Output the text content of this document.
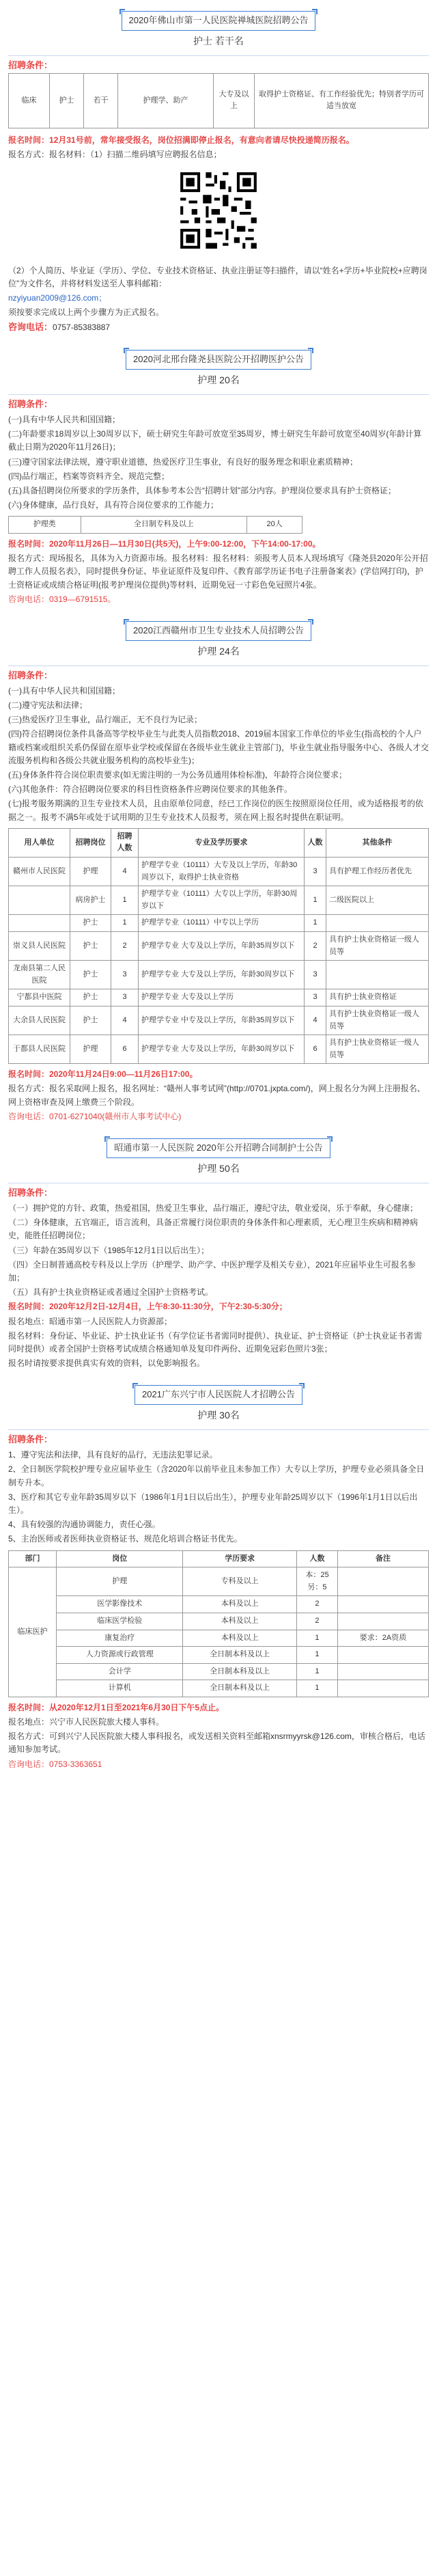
2020年佛山市第一人民医院禅城医院招聘公告
护士 若干名
招聘条件：
临床	护士	若干	护理学、助产	大专及以上	取得护士资格证、有工作经验优先；特别者学历可适当放宽
报名时间：12月31号前，常年接受报名，岗位招满即停止报名，有意向者请尽快投递简历报名。
报名方式：报名材料：（1）扫描二维码填写应聘报名信息；
（2）个人简历、毕业证（学历）、学位、专业技术资格证、执业注册证等扫描件，请以“姓名+学历+毕业院校+应聘岗位”为文件名，并将材料发送至人事科邮箱：
nzyiyuan2009@126.com；
须按要求完成以上两个步骤方为正式报名。
咨询电话：0757-85383887
2020河北邢台隆尧县医院公开招聘医护公告
护理 20名
招聘条件：
(一)具有中华人民共和国国籍；
(二)年龄要求18周岁以上30周岁以下，硕士研究生年龄可放宽至35周岁，博士研究生年龄可放宽至40周岁(年龄计算截止日期为2020年11月26日)；
(三)遵守国家法律法规，遵守职业道德，热爱医疗卫生事业，有良好的服务理念和职业素质精神；
(四)品行端正，档案等资料齐全、规范完整；
(五)具备招聘岗位所要求的学历条件，具体参考本公告“招聘计划”部分内容。护理岗位要求具有护士资格证；
(六)身体健康，品行良好，具有符合岗位要求的工作能力；
护理类	全日制专科及以上	20人
报名时间：2020年11月26日—11月30日(共5天)，上午9:00-12:00，下午14:00-17:00。
报名方式：现场报名，具体为入力资源市场。报名材料：报名材料：须报考人员本人现场填写《隆尧县2020年公开招聘工作人员报名表》，同时提供身份证、毕业证原件及复印件、《教育部学历证书电子注册备案表》(学信网打印)，护士资格证或成绩合格证明(报考护理岗位提供)等材料，近期免冠一寸彩色免冠照片4张。
咨询电话：0319—6791515。
2020江西赣州市卫生专业技术人员招聘公告
护理 24名
招聘条件：
(一)具有中华人民共和国国籍；
(二)遵守宪法和法律；
(三)热爱医疗卫生事业，品行端正，无不良行为记录；
(四)符合招聘岗位条件具备高等学校毕业生与此类人员指数2018、2019届本国家工作单位的毕业生(指高校的个人户籍或档案或组织关系仍保留在原毕业学校或保留在各级毕业生就业主管部门)，毕业生就业指导服务中心、各级人才交流服务机构和各级公共就业服务机构的高校毕业生)；
(五)身体条件符合岗位职责要求(如无需注明的一为公务员通用体检标准)，年龄符合岗位要求；
(六)其他条件：符合招聘岗位要求的科目性资格条件应聘岗位要求的其他条件。
(七)报考服务期满的卫生专业技术人员，且由原单位同意，经已工作岗位的医生按照原岗位任用，或为适格报考的依据之一。报考不满5年或处于试用期的卫生专业技术人员报考，须在网上报名时提供在职证明。
用人单位	招聘岗位	招聘人数	专业及学历要求	人数	其他条件
赣州市人民医院	护理	4	护理学专业（10111）大专及以上学历，年龄30周岁以下，取得护士执业资格	3	具有护理工作经历者优先
	病房护士	1	护理学专业（10111）大专以上学历，年龄30周岁以下	1	二级医院以上
	护士	1	护理学专业（10111）中专以上学历	1	
崇义县人民医院	护士	2	护理学专业 大专及以上学历，年龄35周岁以下	2	具有护士执业资格证一级人员等
龙南县第二人民医院	护士	3	护理学专业 大专及以上学历，年龄30周岁以下	3	
宁都县中医院	护士	3	护理学专业 大专及以上学历	3	具有护士执业资格证
大余县人民医院	护士	4	护理学专业 中专及以上学历，年龄35周岁以下	4	具有护士执业资格证一级人员等
于都县人民医院	护理	6	护理学专业 大专及以上学历，年龄30周岁以下	6	具有护士执业资格证一级人员等
报名时间：2020年11月24日9:00—11月26日17:00。
报名方式：报名采取网上报名，报名网址：“赣州人事考试网”(http://0701.jxpta.com/)，网上报名分为网上注册报名、网上资格审查及网上缴费三个阶段。
咨询电话：0701-6271040(赣州市人事考试中心)
昭通市第一人民医院 2020年公开招聘合同制护士公告
护理 50名
招聘条件：
（一）拥护党的方针、政策，热爱祖国，热爱卫生事业，品行端正，遵纪守法，敬业爱岗，乐于奉献，身心健康；
（二）身体健康，五官端正，语言流利，具备正常履行岗位职责的身体条件和心理素质，无心理卫生疾病和精神病史，能胜任招聘岗位；
（三）年龄在35周岁以下（1985年12月1日以后出生）；
（四）全日制普通高校专科及以上学历（护理学、助产学、中医护理学及相关专业），2021年应届毕业生可报名参加；
（五）具有护士执业资格证或者通过全国护士资格考试。
报名时间：2020年12月2日-12月4日，上午8:30-11:30分，下午2:30-5:30分；
报名地点：昭通市第一人民医院人力资源部；
报名材料：身份证、毕业证、护士执业证书（有学位证书者需同时提供）、执业证、护士资格证（护士执业证书者需同时提供）或者全国护士资格考试成绩合格通知单及复印件两份、近期免冠彩色照片3张；
报名时请按要求提供真实有效的资料，以免影响报名。
2021广东兴宁市人民医院人才招聘公告
护理 30名
招聘条件：
1、遵守宪法和法律，具有良好的品行，无违法犯罪记录。
2、全日制医学院校护理专业应届毕业生（含2020年以前毕业且未参加工作）大专以上学历，护理专业必须具备全日制专升本。
3、医疗和其它专业年龄35周岁以下（1986年1月1日以后出生），护理专业年龄25周岁以下（1996年1月1日以后出生）。
4、具有较强的沟通协调能力，责任心强。
5、主治医师或者医师执业资格证书、规范化培训合格证书优先。
部门	岗位	学历要求	人数	备注
临床医护	护理	专科及以上	本：25
另：5	
	医学影像技术	本科及以上	2	
	临床医学检验	本科及以上	2	
	康复治疗	本科及以上	1	要求：2A资质
	人力资源或行政管理	全日制本科及以上	1	
	会计学	全日制本科及以上	1	
	计算机	全日制本科及以上	1	
报名时间：从2020年12月1日至2021年6月30日下午5点止。
报名地点：兴宁市人民医院旅大楼人事科。
报名方式：可到兴宁人民医院旅大楼人事科报名，或发送相关资料至邮箱xnsrmyyrsk@126.com，审核合格后，电话通知参加考试。
咨询电话：0753-3363651
